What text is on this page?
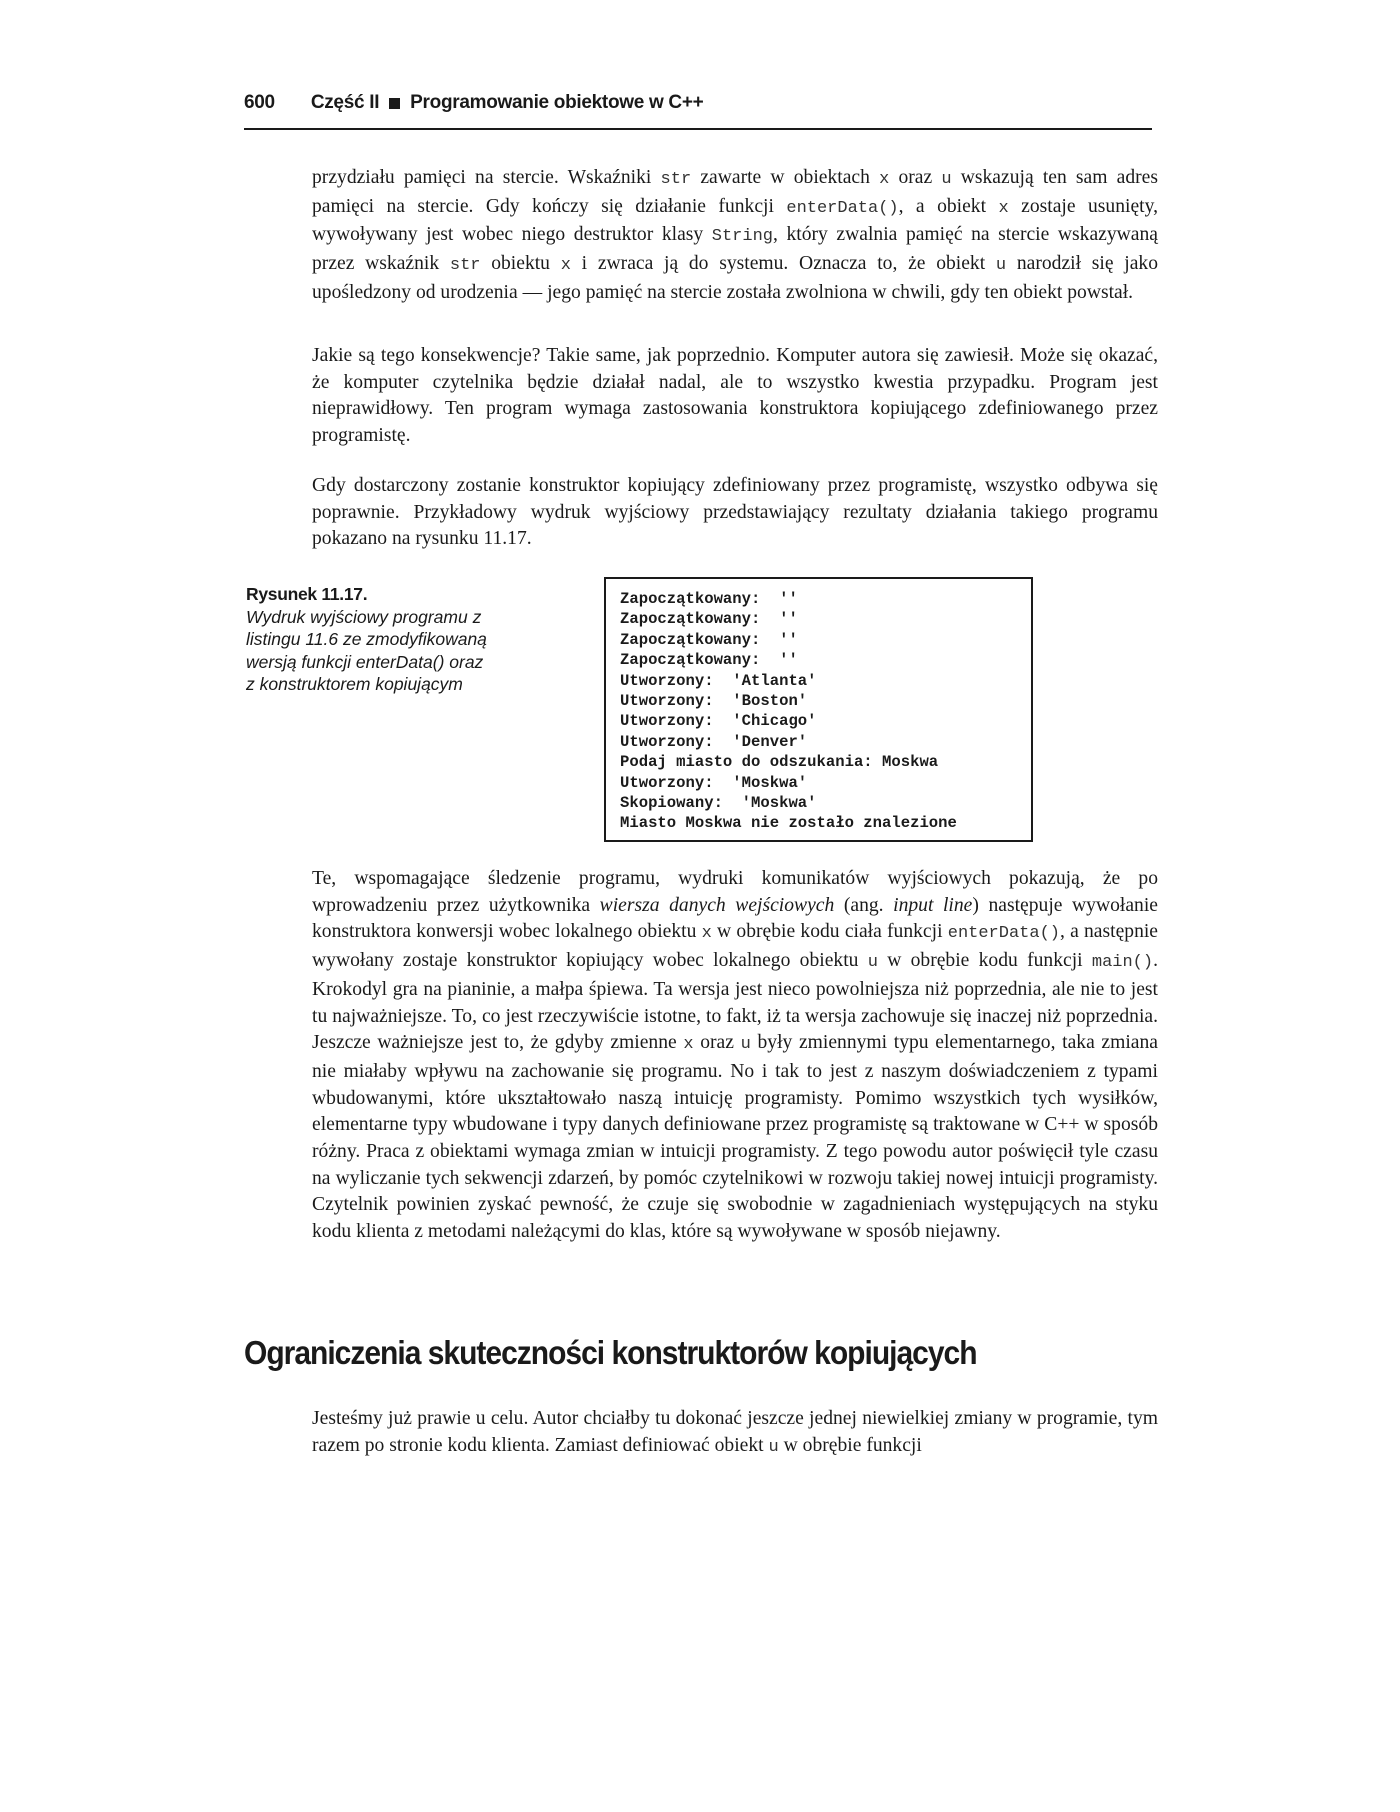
600 Część II Programowanie obiektowe w C++

przydziału pamięci na stercie. Wskaźniki str zawarte w obiektach x oraz u wskazują ten sam adres pamięci na stercie. Gdy kończy się działanie funkcji enterData(), a obiekt x zostaje usunięty, wywoływany jest wobec niego destruktor klasy String, który zwalnia pamięć na stercie wskazywaną przez wskaźnik str obiektu x i zwraca ją do systemu. Oznacza to, że obiekt u narodził się jako upośledzony od urodzenia — jego pamięć na stercie została zwolniona w chwili, gdy ten obiekt powstał.

Jakie są tego konsekwencje? Takie same, jak poprzednio. Komputer autora się zawiesił. Może się okazać, że komputer czytelnika będzie działał nadal, ale to wszystko kwestia przypadku. Program jest nieprawidłowy. Ten program wymaga zastosowania konstruktora kopiującego zdefiniowanego przez programistę.

Gdy dostarczony zostanie konstruktor kopiujący zdefiniowany przez programistę, wszystko odbywa się poprawnie. Przykładowy wydruk wyjściowy przedstawiający rezultaty działania takiego programu pokazano na rysunku 11.17.

Rysunek 11.17.
Wydruk wyjściowy programu z listingu 11.6 ze zmodyfikowaną wersją funkcji enterData() oraz z konstruktorem kopiującym
Zapoczątkowany:  ''
Zapoczątkowany:  ''
Zapoczątkowany:  ''
Zapoczątkowany:  ''
Utworzony:  'Atlanta'
Utworzony:  'Boston'
Utworzony:  'Chicago'
Utworzony:  'Denver'
Podaj miasto do odszukania: Moskwa
Utworzony:  'Moskwa'
Skopiowany:  'Moskwa'
Miasto Moskwa nie zostało znalezione

Te, wspomagające śledzenie programu, wydruki komunikatów wyjściowych pokazują, że po wprowadzeniu przez użytkownika wiersza danych wejściowych (ang. input line) następuje wywołanie konstruktora konwersji wobec lokalnego obiektu x w obrębie kodu ciała funkcji enterData(), a następnie wywołany zostaje konstruktor kopiujący wobec lokalnego obiektu u w obrębie kodu funkcji main(). Krokodyl gra na pianinie, a małpa śpiewa. Ta wersja jest nieco powolniejsza niż poprzednia, ale nie to jest tu najważniejsze. To, co jest rzeczywiście istotne, to fakt, iż ta wersja zachowuje się inaczej niż poprzednia. Jeszcze ważniejsze jest to, że gdyby zmienne x oraz u były zmiennymi typu elementarnego, taka zmiana nie miałaby wpływu na zachowanie się programu. No i tak to jest z naszym doświadczeniem z typami wbudowanymi, które ukształtowało naszą intuicję programisty. Pomimo wszystkich tych wysiłków, elementarne typy wbudowane i typy danych definiowane przez programistę są traktowane w C++ w sposób różny. Praca z obiektami wymaga zmian w intuicji programisty. Z tego powodu autor poświęcił tyle czasu na wyliczanie tych sekwencji zdarzeń, by pomóc czytelnikowi w rozwoju takiej nowej intuicji programisty. Czytelnik powinien zyskać pewność, że czuje się swobodnie w zagadnieniach występujących na styku kodu klienta z metodami należącymi do klas, które są wywoływane w sposób niejawny.

Ograniczenia skuteczności konstruktorów kopiujących

Jesteśmy już prawie u celu. Autor chciałby tu dokonać jeszcze jednej niewielkiej zmiany w programie, tym razem po stronie kodu klienta. Zamiast definiować obiekt u w obrębie funkcji
